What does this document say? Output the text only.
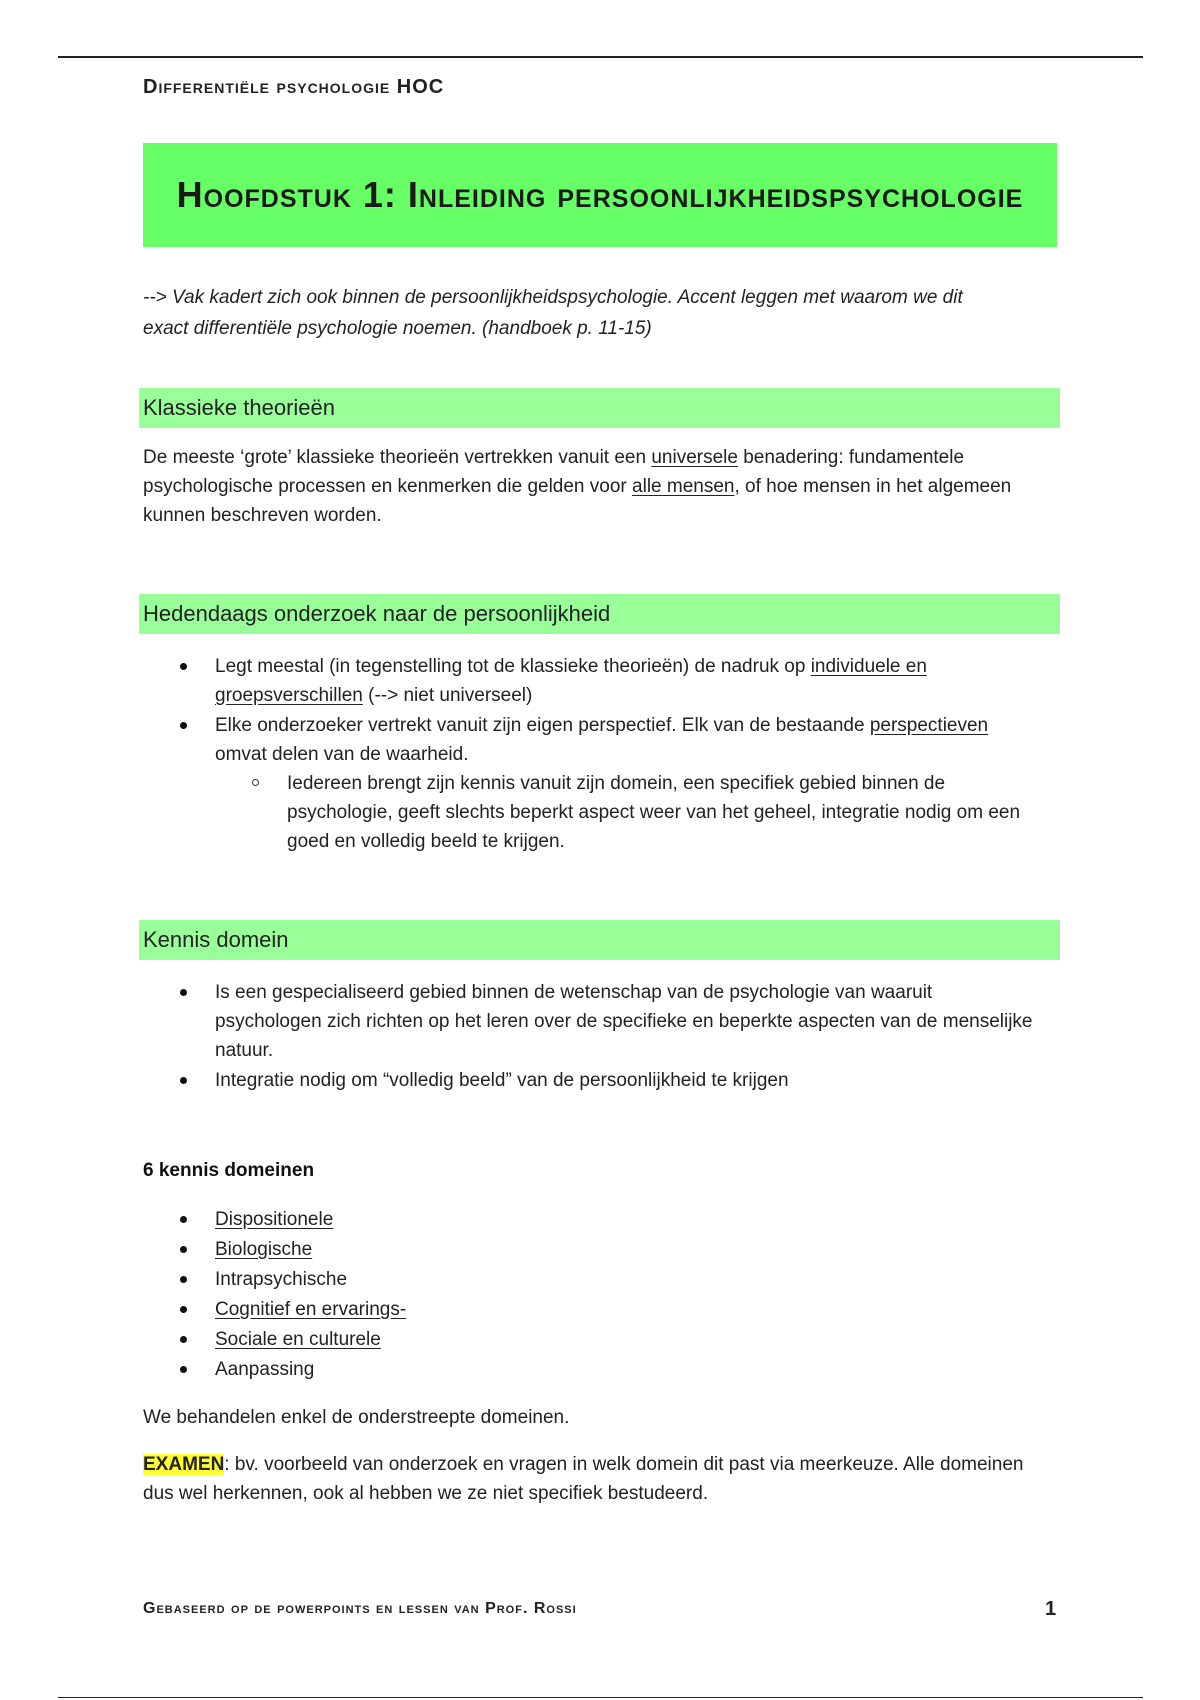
Differentiële psychologie HOC
Hoofdstuk 1: Inleiding persoonlijkheidspsychologie
--> Vak kadert zich ook binnen de persoonlijkheidspsychologie. Accent leggen met waarom we dit
exact differentiële psychologie noemen. (handboek p. 11-15)
Klassieke theorieën

De meeste ‘grote’ klassieke theorieën vertrekken vanuit een universele benadering: fundamentele psychologische processen en kenmerken die gelden voor alle mensen, of hoe mensen in het algemeen kunnen beschreven worden.

Hedendaags onderzoek naar de persoonlijkheid
Legt meestal (in tegenstelling tot de klassieke theorieën) de nadruk op individuele en groepsverschillen (--> niet universeel)
Elke onderzoeker vertrekt vanuit zijn eigen perspectief. Elk van de bestaande perspectieven omvat delen van de waarheid.
Iedereen brengt zijn kennis vanuit zijn domein, een specifiek gebied binnen de psychologie, geeft slechts beperkt aspect weer van het geheel, integratie nodig om een goed en volledig beeld te krijgen.
Kennis domein
Is een gespecialiseerd gebied binnen de wetenschap van de psychologie van waaruit psychologen zich richten op het leren over de specifieke en beperkte aspecten van de menselijke natuur.
Integratie nodig om “volledig beeld” van de persoonlijkheid te krijgen
6 kennis domeinen
Dispositionele
Biologische
Intrapsychische
Cognitief en ervarings-
Sociale en culturele
Aanpassing

We behandelen enkel de onderstreepte domeinen.

EXAMEN: bv. voorbeeld van onderzoek en vragen in welk domein dit past via meerkeuze. Alle domeinen dus wel herkennen, ook al hebben we ze niet specifiek bestudeerd.

Gebaseerd op de powerpoints en lessen van Prof. Rossi	1
